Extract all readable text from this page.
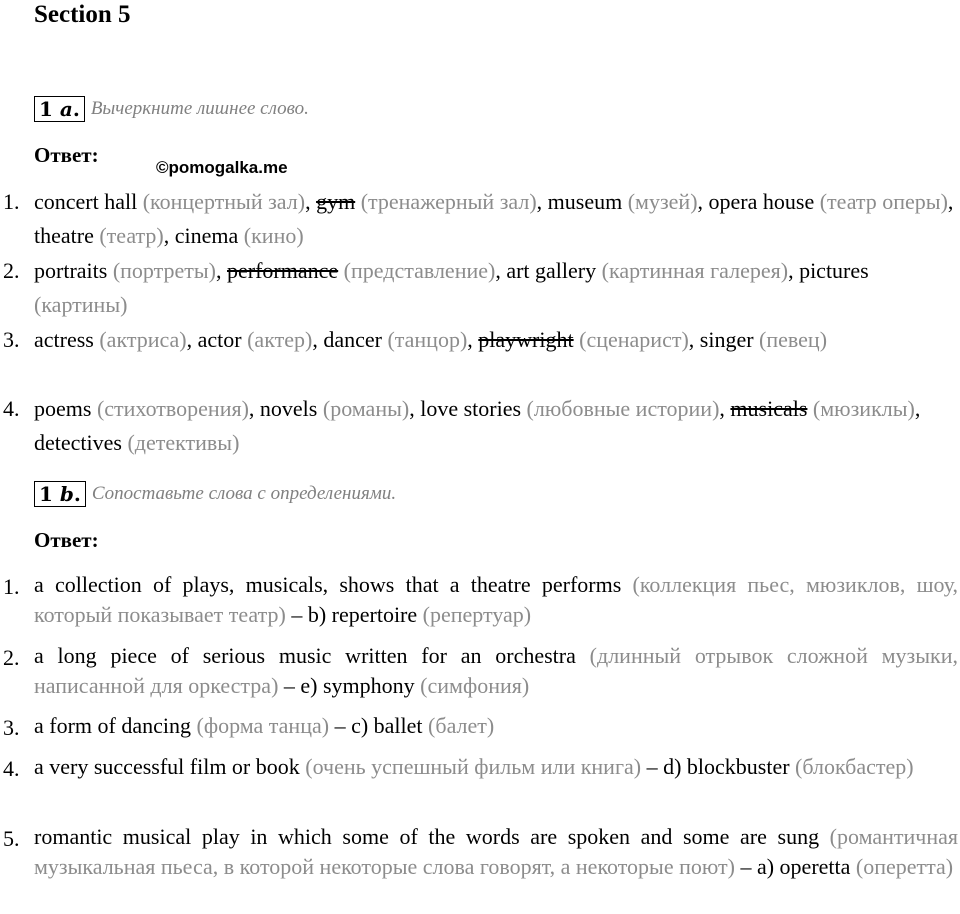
Section 5
1 a. Вычеркните лишнее слово.
Ответ:
©pomogalka.me
1. concert hall (концертный зал), gym (тренажерный зал), museum (музей), opera house (театр оперы), theatre (театр), cinema (кино)
2. portraits (портреты), performance (представление), art gallery (картинная галерея), pictures (картины)
3. actress (актриса), actor (актер), dancer (танцор), playwright (сценарист), singer (певец)
4. poems (стихотворения), novels (романы), love stories (любовные истории), musicals (мюзиклы), detectives (детективы)
1 b. Сопоставьте слова с определениями.
Ответ:
1. a collection of plays, musicals, shows that a theatre performs (коллекция пьес, мюзиклов, шоу, который показывает театр) – b) repertoire (репертуар)
2. a long piece of serious music written for an orchestra (длинный отрывок сложной музыки, написанной для оркестра) – e) symphony (симфония)
3. a form of dancing (форма танца) – c) ballet (балет)
4. a very successful film or book (очень успешный фильм или книга) – d) blockbuster (блокбастер)
5. romantic musical play in which some of the words are spoken and some are sung (романтичная музыкальная пьеса, в которой некоторые слова говорят, а некоторые поют) – a) operetta (оперетта)
